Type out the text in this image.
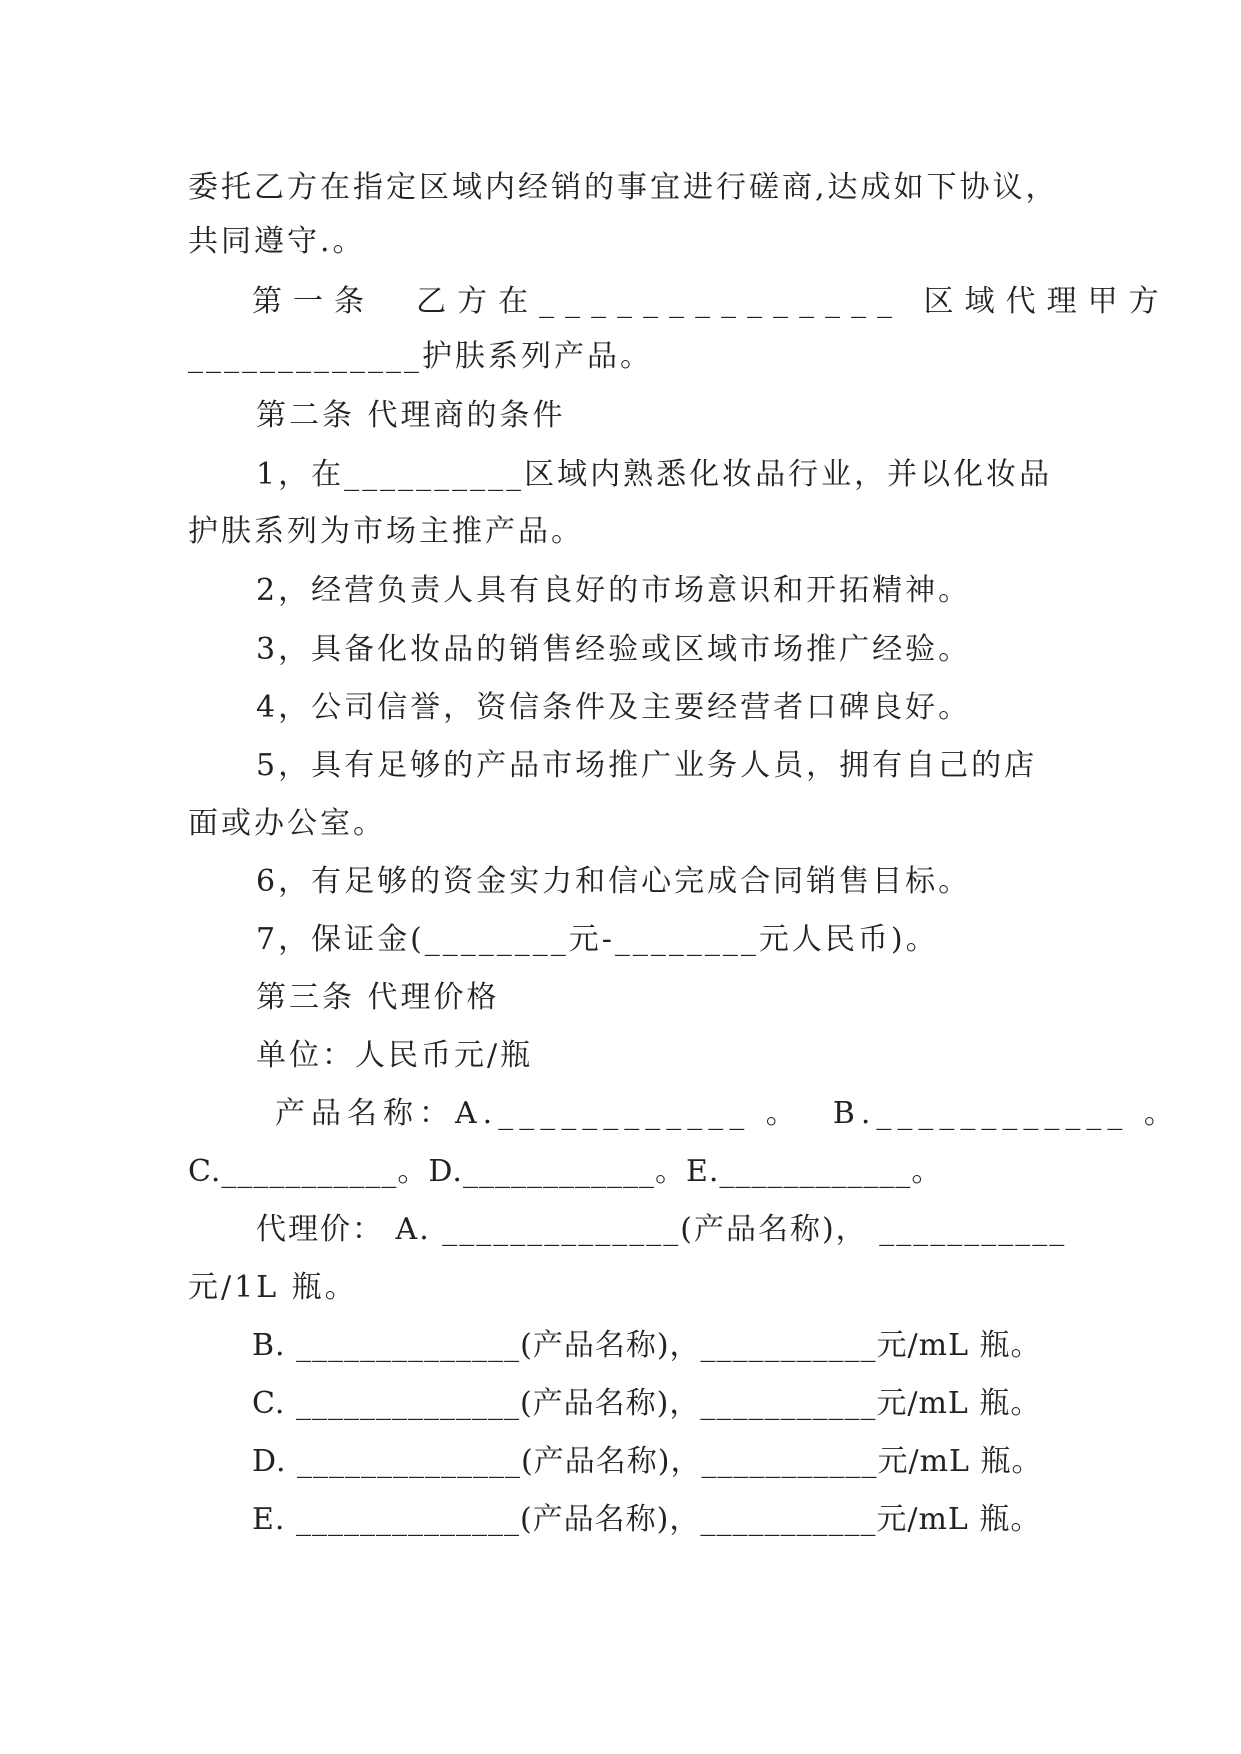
委托乙方在指定区域内经销的事宜进行磋商,达成如下协议，
共同遵守.。
第一条  乙方在______________ 区域代理甲方
_____________护肤系列产品。
第二条 代理商的条件
1，在__________区域内熟悉化妆品行业，并以化妆品
护肤系列为市场主推产品。
2，经营负责人具有良好的市场意识和开拓精神。
3，具备化妆品的销售经验或区域市场推广经验。
4，公司信誉，资信条件及主要经营者口碑良好。
5，具有足够的产品市场推广业务人员，拥有自己的店
面或办公室。
6，有足够的资金实力和信心完成合同销售目标。
7，保证金(________元-________元人民币)。
第三条 代理价格
单位：人民币元/瓶
产品名称：A.____________ 。  B.____________ 。
C.___________。D.____________。E.____________。
代理价： A. ______________(产品名称)， ___________
元/1L 瓶。
B. ______________(产品名称)，___________元/mL 瓶。
C. ______________(产品名称)，___________元/mL 瓶。
D. ______________(产品名称)，___________元/mL 瓶。
E. ______________(产品名称)，___________元/mL 瓶。
